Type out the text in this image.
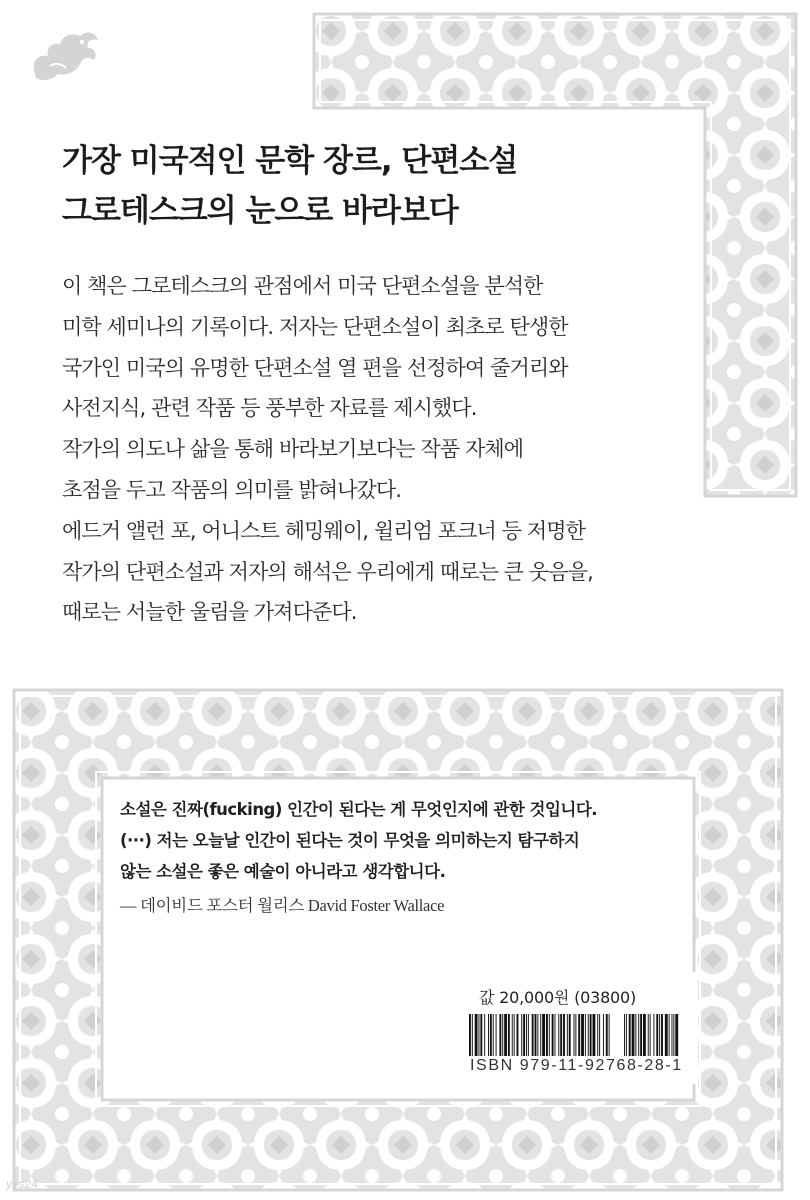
가장 미국적인 문학 장르, 단편소설
그로테스크의 눈으로 바라보다
이 책은 그로테스크의 관점에서 미국 단편소설을 분석한
미학 세미나의 기록이다. 저자는 단편소설이 최초로 탄생한
국가인 미국의 유명한 단편소설 열 편을 선정하여 줄거리와
사전지식, 관련 작품 등 풍부한 자료를 제시했다.
작가의 의도나 삶을 통해 바라보기보다는 작품 자체에
초점을 두고 작품의 의미를 밝혀나갔다.
에드거 앨런 포, 어니스트 헤밍웨이, 윌리엄 포크너 등 저명한
작가의 단편소설과 저자의 해석은 우리에게 때로는 큰 웃음을,
때로는 서늘한 울림을 가져다준다.
소설은 진짜(fucking) 인간이 된다는 게 무엇인지에 관한 것입니다.
(···) 저는 오늘날 인간이 된다는 것이 무엇을 의미하는지 탐구하지
않는 소설은 좋은 예술이 아니라고 생각합니다.
— 데이비드 포스터 월리스 David Foster Wallace
값 20,000원 (03800)
ISBN 979-11-92768-28-1
yes24
